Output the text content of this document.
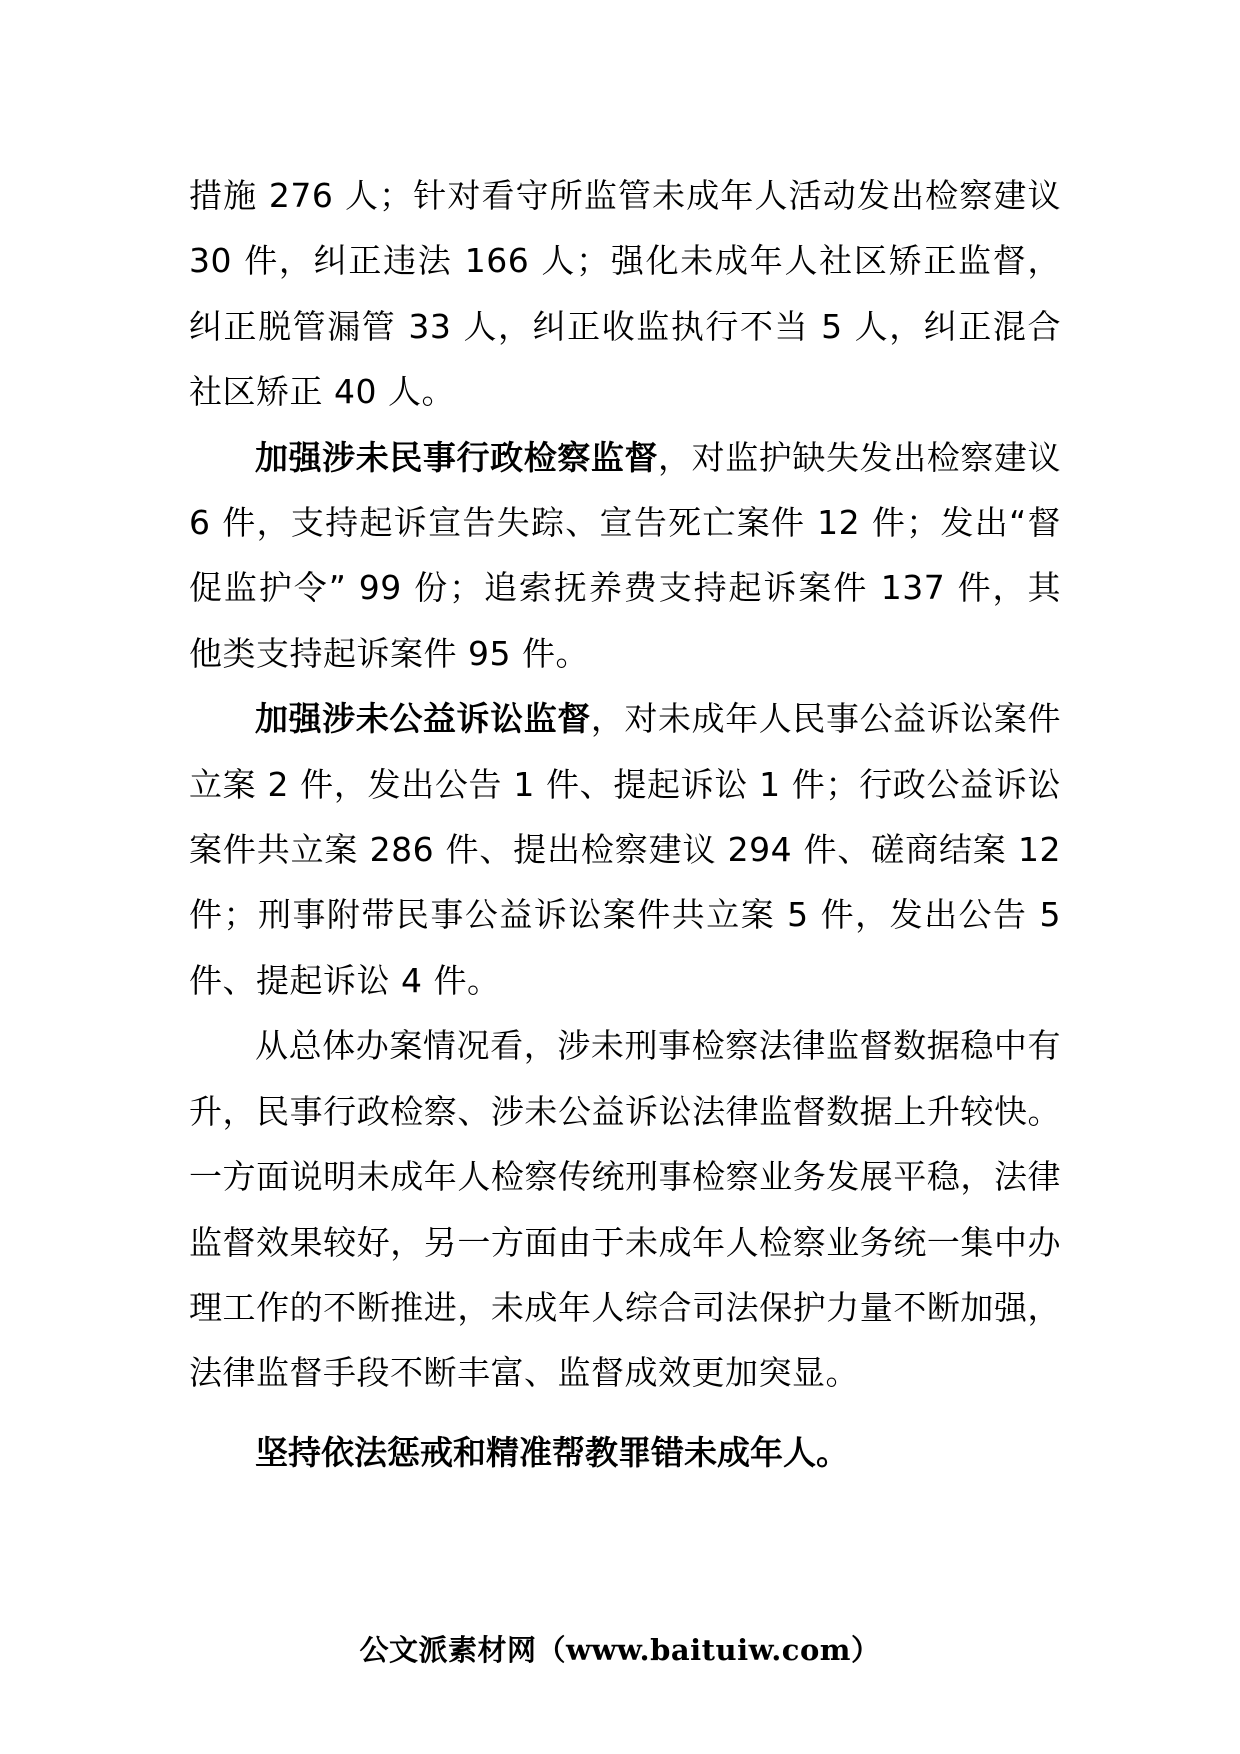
措施 276 人；针对看守所监管未成年人活动发出检察建议 30 件，纠正违法 166 人；强化未成年人社区矫正监督，纠正脱管漏管 33 人，纠正收监执行不当 5 人，纠正混合社区矫正 40 人。

加强涉未民事行政检察监督，对监护缺失发出检察建议 6 件，支持起诉宣告失踪、宣告死亡案件 12 件；发出“督促监护令” 99 份；追索抚养费支持起诉案件 137 件，其他类支持起诉案件 95 件。

加强涉未公益诉讼监督，对未成年人民事公益诉讼案件立案 2 件，发出公告 1 件、提起诉讼 1 件；行政公益诉讼案件共立案 286 件、提出检察建议 294 件、磋商结案 12 件；刑事附带民事公益诉讼案件共立案 5 件，发出公告 5 件、提起诉讼 4 件。

从总体办案情况看，涉未刑事检察法律监督数据稳中有升，民事行政检察、涉未公益诉讼法律监督数据上升较快。一方面说明未成年人检察传统刑事检察业务发展平稳，法律监督效果较好，另一方面由于未成年人检察业务统一集中办理工作的不断推进，未成年人综合司法保护力量不断加强，法律监督手段不断丰富、监督成效更加突显。

坚持依法惩戒和精准帮教罪错未成年人。

公文派素材网（www.baituiw.com）
